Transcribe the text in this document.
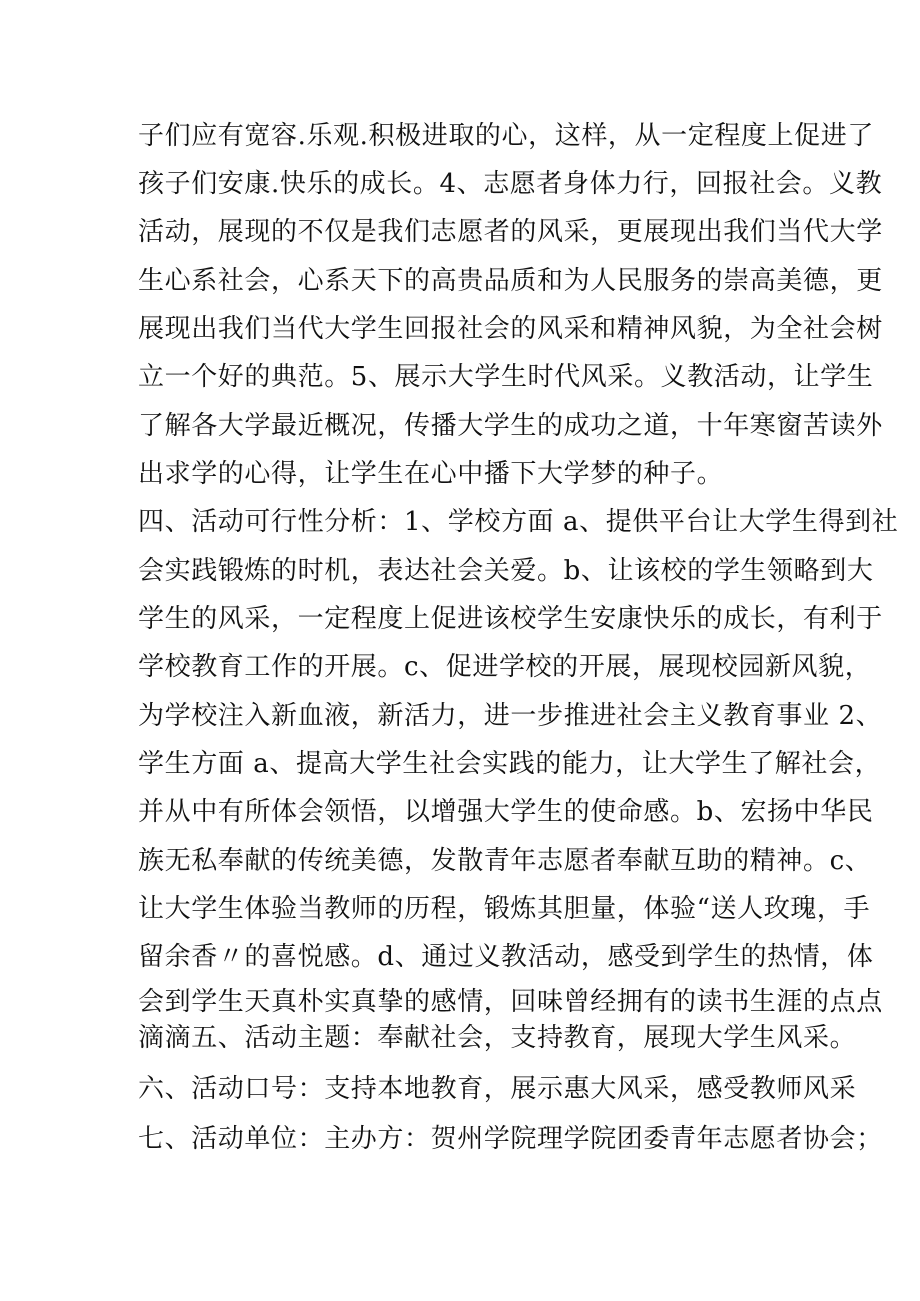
子们应有宽容.乐观.积极进取的心，这样，从一定程度上促进了
孩子们安康.快乐的成长。4、志愿者身体力行，回报社会。义教
活动，展现的不仅是我们志愿者的风采，更展现出我们当代大学
生心系社会，心系天下的高贵品质和为人民服务的崇高美德，更
展现出我们当代大学生回报社会的风采和精神风貌，为全社会树
立一个好的典范。5、展示大学生时代风采。义教活动，让学生
了解各大学最近概况，传播大学生的成功之道，十年寒窗苦读外
出求学的心得，让学生在心中播下大学梦的种子。
四、活动可行性分析：1、学校方面 a、提供平台让大学生得到社
会实践锻炼的时机，表达社会关爱。b、让该校的学生领略到大
学生的风采，一定程度上促进该校学生安康快乐的成长，有利于
学校教育工作的开展。c、促进学校的开展，展现校园新风貌，
为学校注入新血液，新活力，进一步推进社会主义教育事业 2、
学生方面 a、提高大学生社会实践的能力，让大学生了解社会，
并从中有所体会领悟，以增强大学生的使命感。b、宏扬中华民
族无私奉献的传统美德，发散青年志愿者奉献互助的精神。c、
让大学生体验当教师的历程，锻炼其胆量，体验“送人玫瑰，手
留余香〃的喜悦感。d、通过义教活动，感受到学生的热情，体
会到学生天真朴实真挚的感情，回味曾经拥有的读书生涯的点点
滴滴五、活动主题：奉献社会，支持教育，展现大学生风采。
六、活动口号：支持本地教育，展示惠大风采，感受教师风采
七、活动单位：主办方：贺州学院理学院团委青年志愿者协会；
